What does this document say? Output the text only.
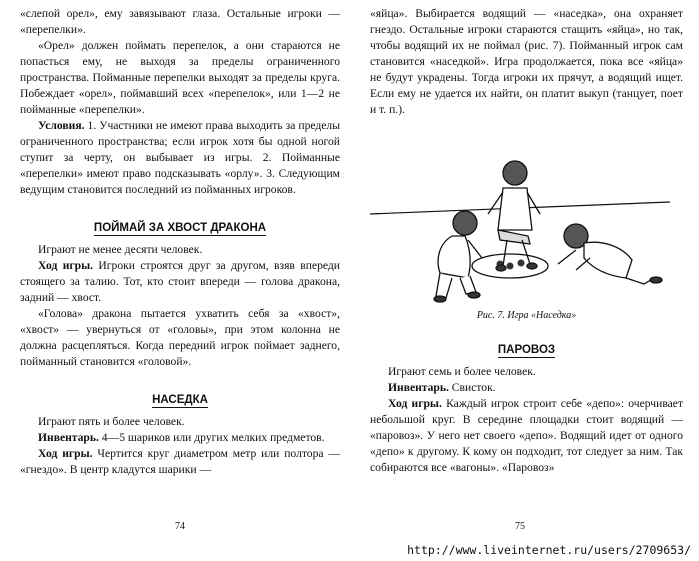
«слепой орел», ему завязывают глаза. Остальные игроки — «перепелки».

«Орел» должен поймать перепелок, а они стараются не попасться ему, не выходя за пределы ограниченного пространства. Пойманные перепелки выходят за пределы круга. Побеждает «орел», поймавший всех «перепелок», или 1—2 не пойманные «перепелки».

Условия. 1. Участники не имеют права выходить за пределы ограниченного пространства; если игрок хотя бы одной ногой ступит за черту, он выбывает из игры. 2. Пойманные «перепелки» имеют право подсказывать «орлу». 3. Следующим ведущим становится последний из пойманных игроков.

ПОЙМАЙ ЗА ХВОСТ ДРАКОНА

Играют не менее десяти человек.

Ход игры. Игроки строятся друг за другом, взяв впереди стоящего за талию. Тот, кто стоит впереди — голова дракона, задний — хвост.

«Голова» дракона пытается ухватить себя за «хвост», «хвост» — увернуться от «головы», при этом колонна не должна расцепляться. Когда передний игрок поймает заднего, пойманный становится «головой».

НАСЕДКА

Играют пять и более человек.

Инвентарь. 4—5 шариков или других мелких предметов.

Ход игры. Чертится круг диаметром метр или полтора — «гнездо». В центр кладутся шарики —

74

«яйца». Выбирается водящий — «наседка», она охраняет гнездо. Остальные игроки стараются стащить «яйца», но так, чтобы водящий их не поймал (рис. 7). Пойманный игрок сам становится «наседкой». Игра продолжается, пока все «яйца» не будут украдены. Тогда игроки их прячут, а водящий ищет. Если ему не удается их найти, он платит выкуп (танцует, поет и т. п.).

Рис. 7. Игра «Наседка»

ПАРОВОЗ

Играют семь и более человек.

Инвентарь. Свисток.

Ход игры. Каждый игрок строит себе «депо»: очерчивает небольшой круг. В середине площадки стоит водящий — «паровоз». У него нет своего «депо». Водящий идет от одного «депо» к другому. К кому он подходит, тот следует за ним. Так собираются все «вагоны». «Паровоз»

75
http://www.liveinternet.ru/users/2709653/
